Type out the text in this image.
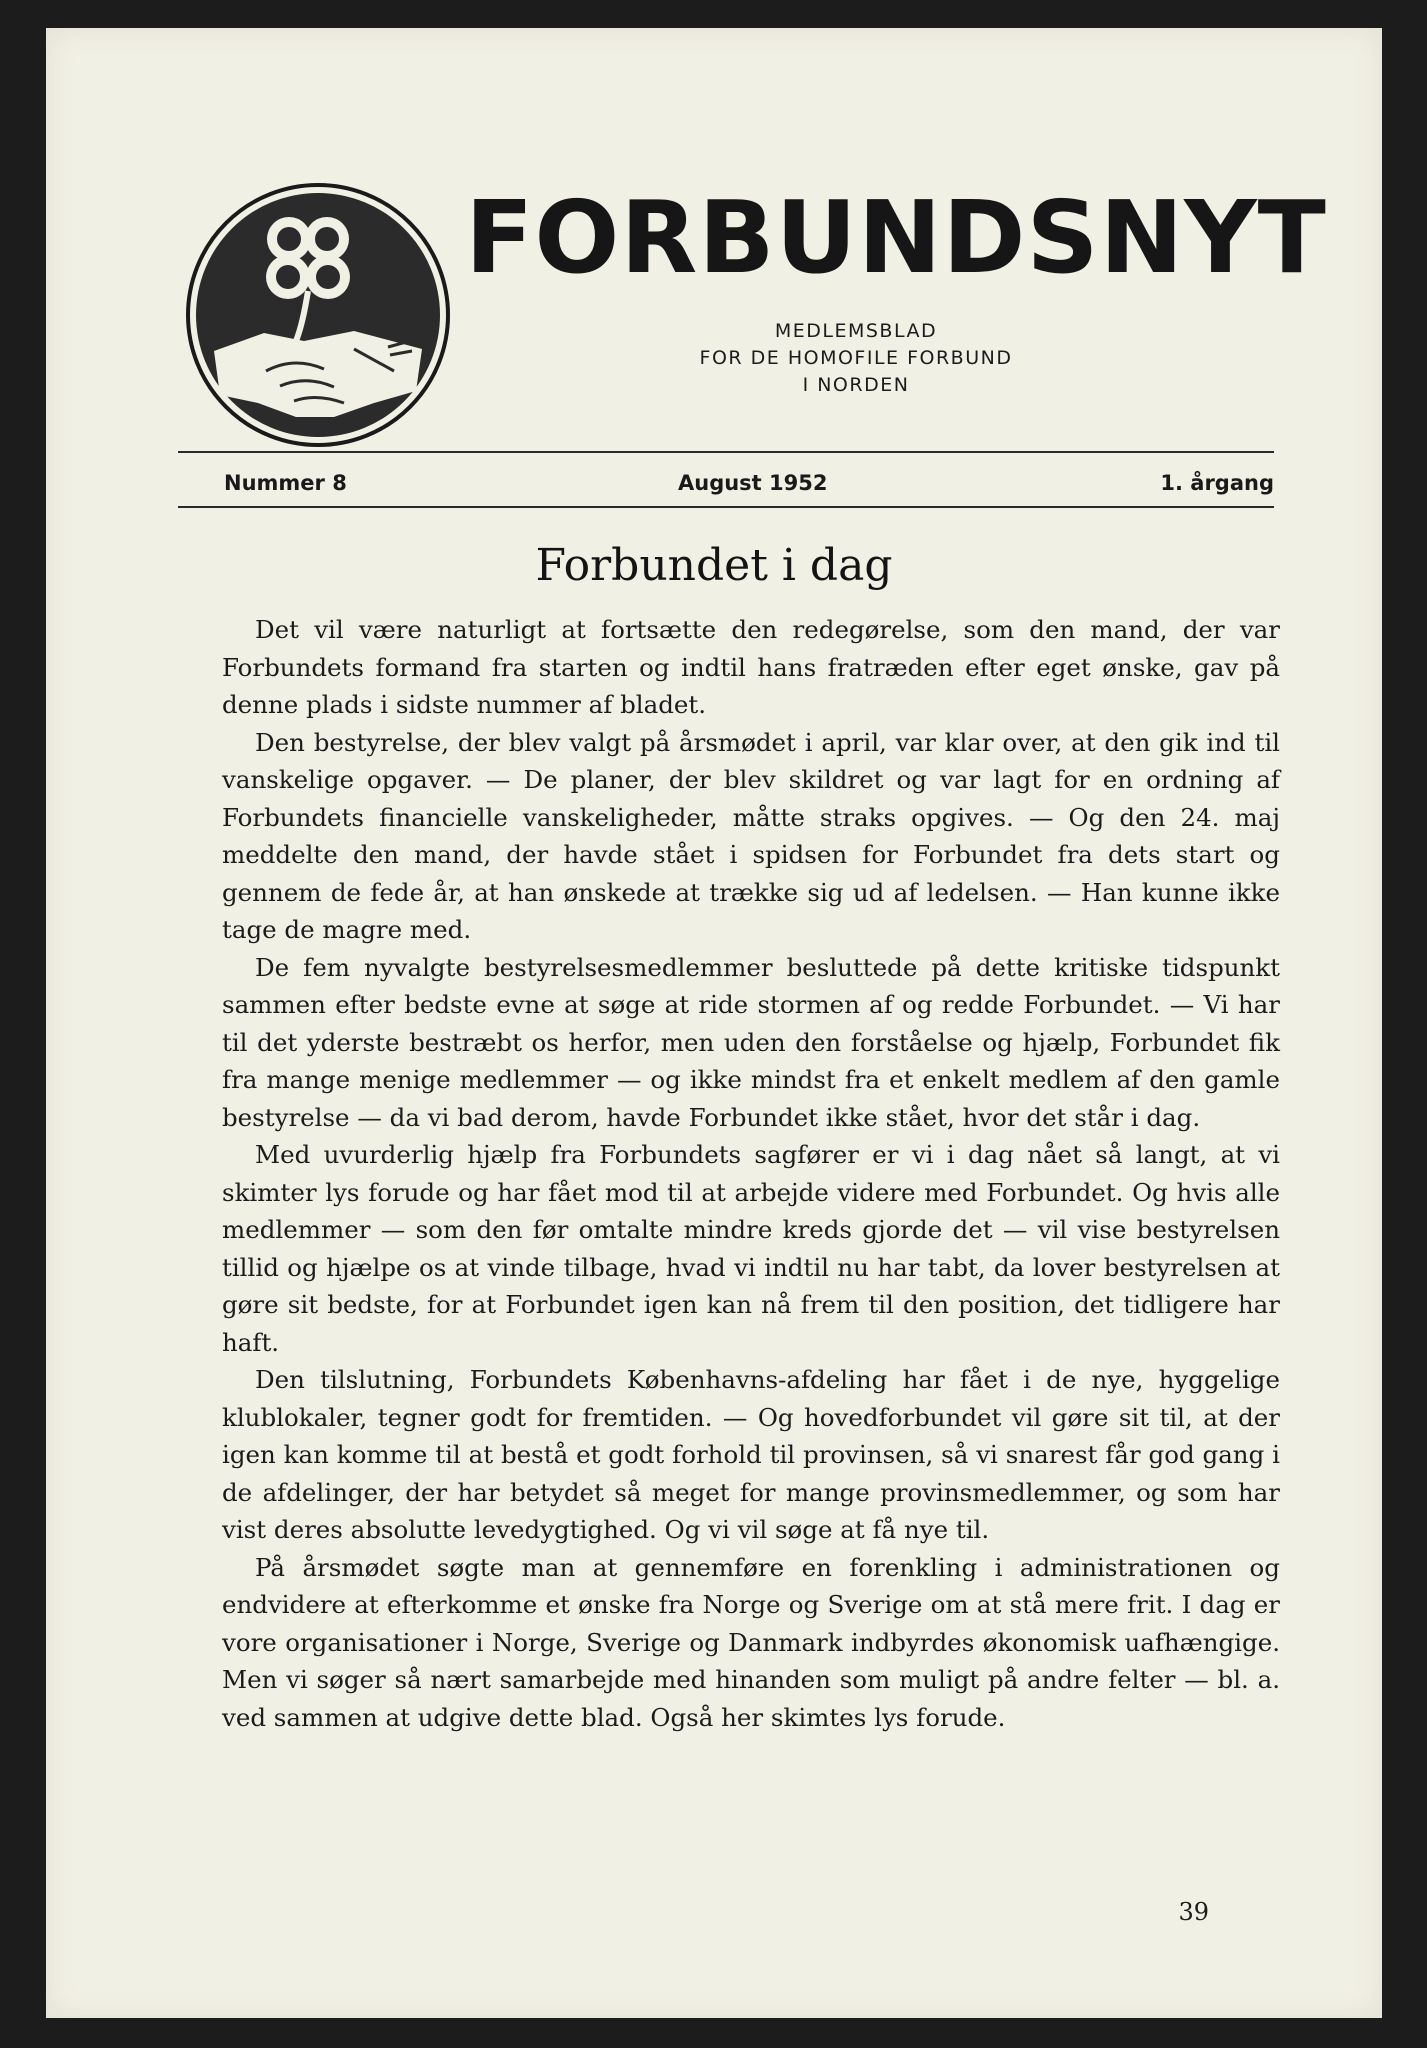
FORBUNDSNYT
MEDLEMSBLAD
FOR DE HOMOFILE FORBUND
I NORDEN
Nummer 8	August 1952	1. årgang
Forbundet i dag

Det vil være naturligt at fortsætte den redegørelse, som den mand, der var Forbundets formand fra starten og indtil hans fratræden efter eget ønske, gav på denne plads i sidste nummer af bladet.

Den bestyrelse, der blev valgt på årsmødet i april, var klar over, at den gik ind til vanskelige opgaver. — De planer, der blev skildret og var lagt for en ordning af Forbundets financielle vanskeligheder, måtte straks opgives. — Og den 24. maj meddelte den mand, der havde stået i spidsen for Forbundet fra dets start og gennem de fede år, at han ønskede at trække sig ud af ledelsen. — Han kunne ikke tage de magre med.

De fem nyvalgte bestyrelsesmedlemmer besluttede på dette kritiske tidspunkt sammen efter bedste evne at søge at ride stormen af og redde Forbundet. — Vi har til det yderste bestræbt os herfor, men uden den forståelse og hjælp, Forbundet fik fra mange menige medlemmer — og ikke mindst fra et enkelt medlem af den gamle bestyrelse — da vi bad derom, havde Forbundet ikke stået, hvor det står i dag.

Med uvurderlig hjælp fra Forbundets sagfører er vi i dag nået så langt, at vi skimter lys forude og har fået mod til at arbejde videre med Forbundet. Og hvis alle medlemmer — som den før omtalte mindre kreds gjorde det — vil vise bestyrelsen tillid og hjælpe os at vinde tilbage, hvad vi indtil nu har tabt, da lover bestyrelsen at gøre sit bedste, for at Forbundet igen kan nå frem til den position, det tidligere har haft.

Den tilslutning, Forbundets Københavns-afdeling har fået i de nye, hyggelige klublokaler, tegner godt for fremtiden. — Og hovedforbundet vil gøre sit til, at der igen kan komme til at bestå et godt forhold til provinsen, så vi snarest får god gang i de afdelinger, der har betydet så meget for mange provinsmedlemmer, og som har vist deres absolutte levedygtighed. Og vi vil søge at få nye til.

På årsmødet søgte man at gennemføre en forenkling i administrationen og endvidere at efterkomme et ønske fra Norge og Sverige om at stå mere frit. I dag er vore organisationer i Norge, Sverige og Danmark indbyrdes økonomisk uafhængige. Men vi søger så nært samarbejde med hinanden som muligt på andre felter — bl. a. ved sammen at udgive dette blad. Også her skimtes lys forude.

39
